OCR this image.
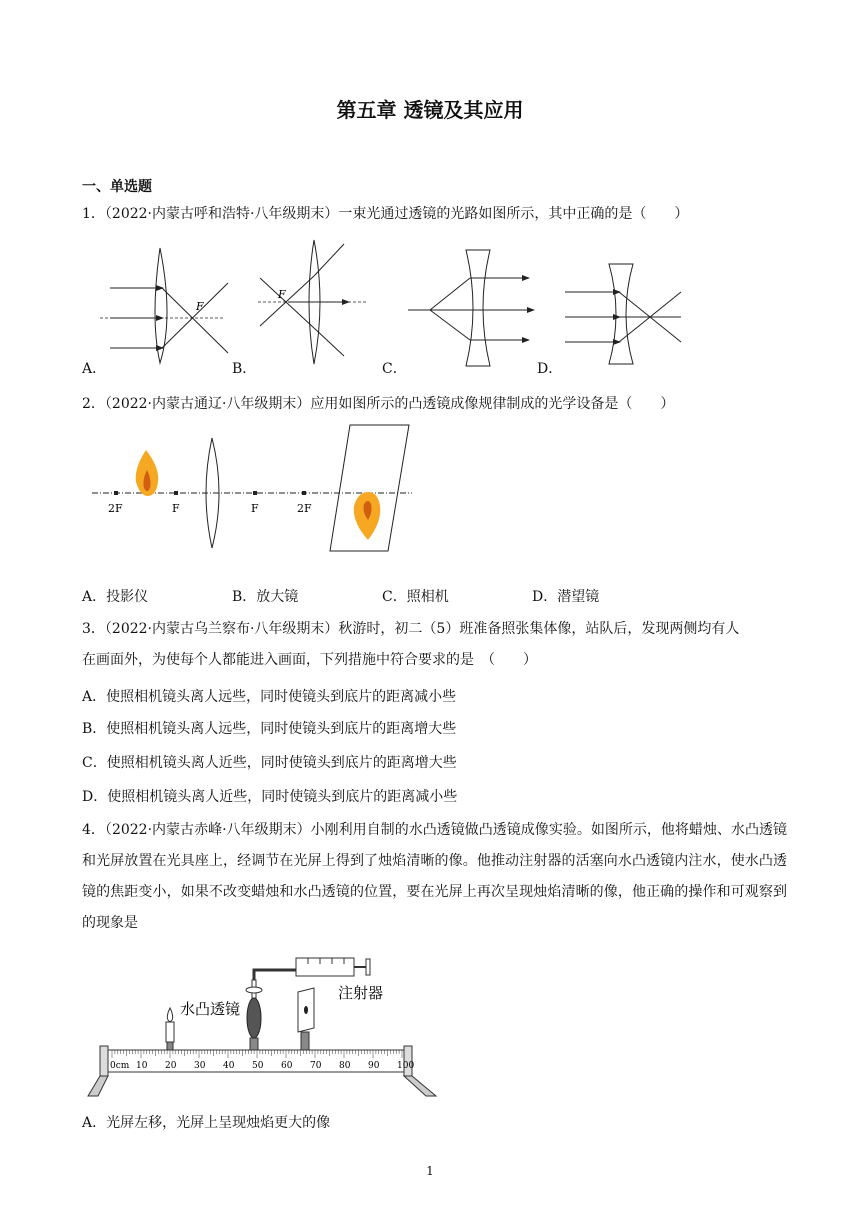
第五章 透镜及其应用
一、单选题
1．（2022·内蒙古呼和浩特·八年级期末）一束光通过透镜的光路如图所示，其中正确的是（　　）
F
A．
F
B．	C．	D．
2．（2022·内蒙古通辽·八年级期末）应用如图所示的凸透镜成像规律制成的光学设备是（　　）
2F	F	F	2F
A．投影仪	B．放大镜	C．照相机	D．潜望镜
3．（2022·内蒙古乌兰察布·八年级期末）秋游时，初二（5）班准备照张集体像，站队后，发现两侧均有人
在画面外，为使每个人都能进入画面，下列措施中符合要求的是　（　　）
A．使照相机镜头离人远些，同时使镜头到底片的距离减小些
B．使照相机镜头离人远些，同时使镜头到底片的距离增大些
C．使照相机镜头离人近些，同时使镜头到底片的距离增大些
D．使照相机镜头离人近些，同时使镜头到底片的距离减小些
4．（2022·内蒙古赤峰·八年级期末）小刚利用自制的水凸透镜做凸透镜成像实验。如图所示，他将蜡烛、水凸透镜和光屏放置在光具座上，经调节在光屏上得到了烛焰清晰的像。他推动注射器的活塞向水凸透镜内注水，使水凸透镜的焦距变小，如果不改变蜡烛和水凸透镜的位置，要在光屏上再次呈现烛焰清晰的像，他正确的操作和可观察到的现象是
0cm 10 20 30 40 50 60 70 80 90 100
水凸透镜
注射器
A．光屏左移，光屏上呈现烛焰更大的像
1
